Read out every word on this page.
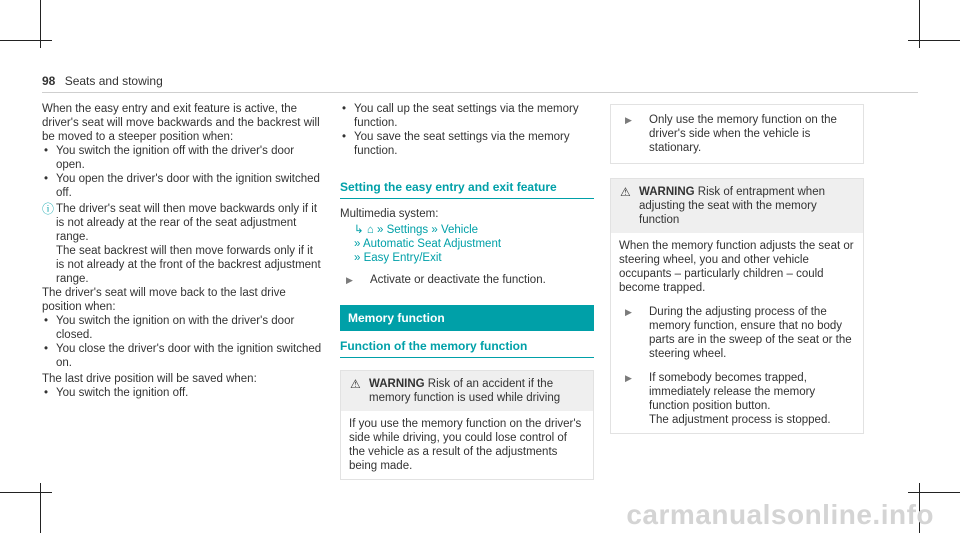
98 Seats and stowing

When the easy entry and exit feature is active, the driver's seat will move backwards and the backrest will be moved to a steeper position when:

• You switch the ignition off with the driver's door open.

• You open the driver's door with the ignition switched off.

ⓘ The driver's seat will then move backwards only if it is not already at the rear of the seat adjustment range.

The seat backrest will then move forwards only if it is not already at the front of the backrest adjustment range.

The driver's seat will move back to the last drive position when:

• You switch the ignition on with the driver's door closed.

• You close the driver's door with the ignition switched on.

The last drive position will be saved when:

• You switch the ignition off.

• You call up the seat settings via the memory function.

• You save the seat settings via the memory function.

Setting the easy entry and exit feature

Multimedia system:

↳ ⌂ » Settings » Vehicle

» Automatic Seat Adjustment

» Easy Entry/Exit

▶ Activate or deactivate the function.

Memory function

Function of the memory function

⚠ WARNING Risk of an accident if the memory function is used while driving
If you use the memory function on the driver's side while driving, you could lose control of the vehicle as a result of the adjustments being made.

▶ Only use the memory function on the driver's side when the vehicle is stationary.

⚠ WARNING Risk of entrapment when adjusting the seat with the memory function

When the memory function adjusts the seat or steering wheel, you and other vehicle occupants – particularly children – could become trapped.

▶ During the adjusting process of the memory function, ensure that no body parts are in the sweep of the seat or the steering wheel.

▶ If somebody becomes trapped, immediately release the memory function position button.

The adjustment process is stopped.

carmanualsonline.info
